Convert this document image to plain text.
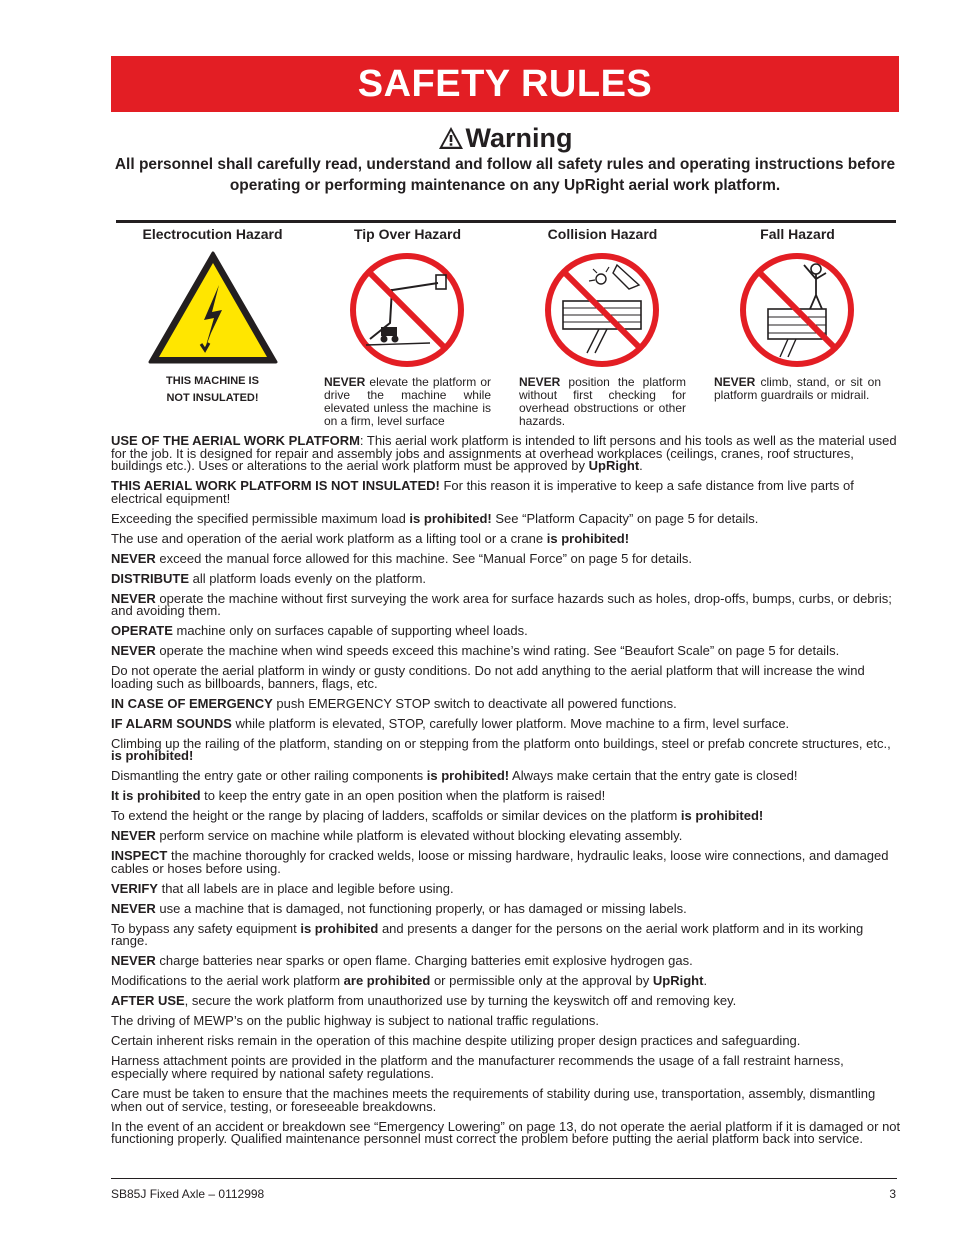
SAFETY RULES
Warning
All personnel shall carefully read, understand and follow all safety rules and operating instructions before operating or performing maintenance on any UpRight aerial work platform.
Electrocution Hazard
THIS MACHINE IS
NOT INSULATED!
Tip Over Hazard
NEVER elevate the platform or drive the machine while elevated unless the machine is on a firm, level surface
Collision Hazard
NEVER position the platform without first checking for overhead obstructions or other hazards.
Fall Hazard
NEVER climb, stand, or sit on platform guardrails or midrail.

USE OF THE AERIAL WORK PLATFORM: This aerial work platform is intended to lift persons and his tools as well as the material used for the job. It is designed for repair and assembly jobs and assignments at overhead workplaces (ceilings, cranes, roof structures, buildings etc.). Uses or alterations to the aerial work platform must be approved by UpRight.

THIS AERIAL WORK PLATFORM IS NOT INSULATED! For this reason it is imperative to keep a safe distance from live parts of electrical equipment!

Exceeding the specified permissible maximum load is prohibited! See “Platform Capacity” on page 5 for details.

The use and operation of the aerial work platform as a lifting tool or a crane is prohibited!

NEVER exceed the manual force allowed for this machine. See “Manual Force” on page 5 for details.

DISTRIBUTE all platform loads evenly on the platform.

NEVER operate the machine without first surveying the work area for surface hazards such as holes, drop-offs, bumps, curbs, or debris; and avoiding them.

OPERATE machine only on surfaces capable of supporting wheel loads.

NEVER operate the machine when wind speeds exceed this machine’s wind rating. See “Beaufort Scale” on page 5 for details.

Do not operate the aerial platform in windy or gusty conditions. Do not add anything to the aerial platform that will increase the wind loading such as billboards, banners, flags, etc.

IN CASE OF EMERGENCY push EMERGENCY STOP switch to deactivate all powered functions.

IF ALARM SOUNDS while platform is elevated, STOP, carefully lower platform. Move machine to a firm, level surface.

Climbing up the railing of the platform, standing on or stepping from the platform onto buildings, steel or prefab concrete structures, etc., is prohibited!

Dismantling the entry gate or other railing components is prohibited! Always make certain that the entry gate is closed!

It is prohibited to keep the entry gate in an open position when the platform is raised!

To extend the height or the range by placing of ladders, scaffolds or similar devices on the platform is prohibited!

NEVER perform service on machine while platform is elevated without blocking elevating assembly.

INSPECT the machine thoroughly for cracked welds, loose or missing hardware, hydraulic leaks, loose wire connections, and damaged cables or hoses before using.

VERIFY that all labels are in place and legible before using.

NEVER use a machine that is damaged, not functioning properly, or has damaged or missing labels.

To bypass any safety equipment is prohibited and presents a danger for the persons on the aerial work platform and in its working range.

NEVER charge batteries near sparks or open flame. Charging batteries emit explosive hydrogen gas.

Modifications to the aerial work platform are prohibited or permissible only at the approval by UpRight.

AFTER USE, secure the work platform from unauthorized use by turning the keyswitch off and removing key.

The driving of MEWP’s on the public highway is subject to national traffic regulations.

Certain inherent risks remain in the operation of this machine despite utilizing proper design practices and safeguarding.

Harness attachment points are provided in the platform and the manufacturer recommends the usage of a fall restraint harness, especially where required by national safety regulations.

Care must be taken to ensure that the machines meets the requirements of stability during use, transportation, assembly, dismantling when out of service, testing, or foreseeable breakdowns.

In the event of an accident or breakdown see “Emergency Lowering” on page 13, do not operate the aerial platform if it is damaged or not functioning properly. Qualified maintenance personnel must correct the problem before putting the aerial platform back into service.

SB85J Fixed Axle – 0112998	3
